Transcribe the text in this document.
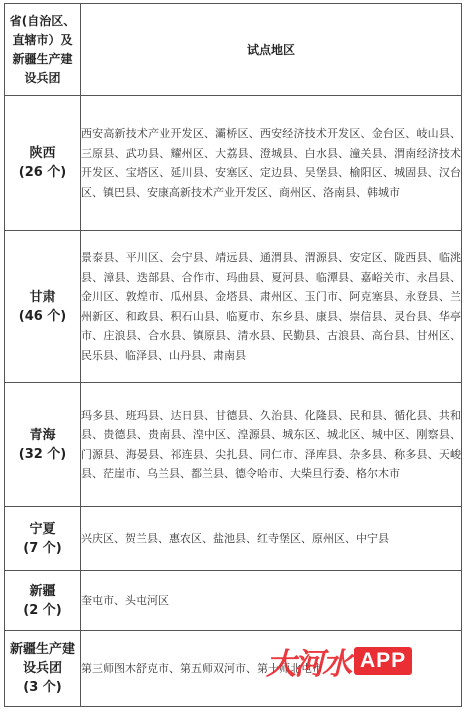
省(自治区、
直辖市）及
新疆生产建
设兵团	试点地区

陕西
(26 个)	西安高新技术产业开发区、灞桥区、西安经济技术开发区、金台区、岐山县、三原县、武功县、耀州区、大荔县、澄城县、白水县、潼关县、渭南经济技术开发区、宝塔区、延川县、安塞区、定边县、吴堡县、榆阳区、城固县、汉台区、镇巴县、安康高新技术产业开发区、商州区、洛南县、韩城市

甘肃
(46 个)	景泰县、平川区、会宁县、靖远县、通渭县、渭源县、安定区、陇西县、临洮县、漳县、迭部县、合作市、玛曲县、夏河县、临潭县、嘉峪关市、永昌县、金川区、敦煌市、瓜州县、金塔县、肃州区、玉门市、阿克塞县、永登县、兰州新区、和政县、积石山县、临夏市、东乡县、康县、崇信县、灵台县、华亭市、庄浪县、合水县、镇原县、清水县、民勤县、古浪县、高台县、甘州区、民乐县、临泽县、山丹县、肃南县

青海
(32 个)	玛多县、班玛县、达日县、甘德县、久治县、化隆县、民和县、循化县、共和县、贵德县、贵南县、湟中区、湟源县、城东区、城北区、城中区、刚察县、门源县、海晏县、祁连县、尖扎县、同仁市、泽库县、杂多县、称多县、天峻县、茫崖市、乌兰县、都兰县、德令哈市、大柴旦行委、格尔木市

宁夏
(7 个)	兴庆区、贺兰县、惠农区、盐池县、红寺堡区、原州区、中宁县

新疆
(2 个)	奎屯市、头屯河区

新疆生产建
设兵团
(3 个)	第三师图木舒克市、第五师双河市、第十师北屯市
大河水 APP
